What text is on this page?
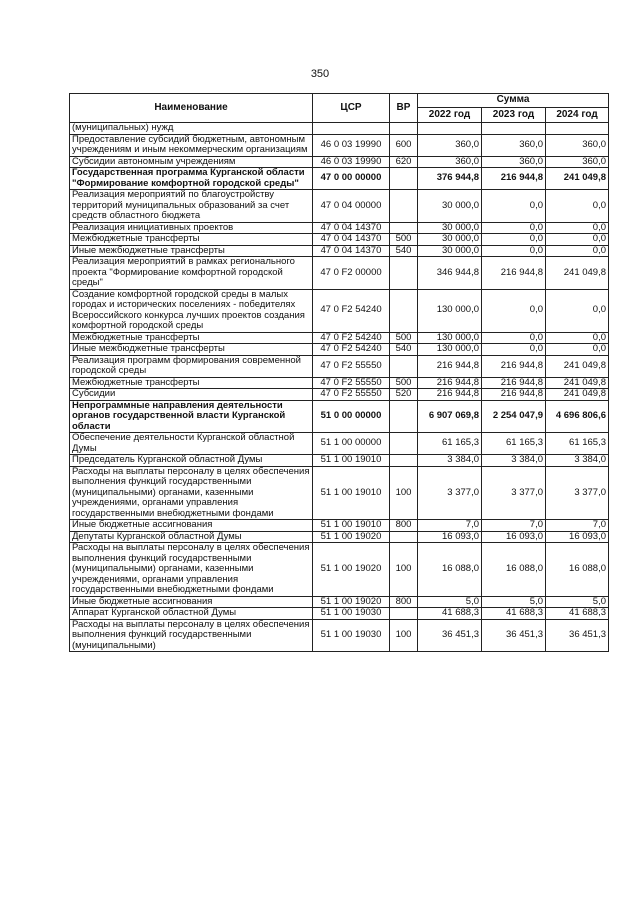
350
Наименование	ЦСР	ВР	Сумма		
			2022 год	2023 год	2024 год
(муниципальных) нужд					
Предоставление субсидий бюджетным, автономным учреждениям и иным некоммерческим организациям	46 0 03 19990	600	360,0	360,0	360,0
Субсидии автономным учреждениям	46 0 03 19990	620	360,0	360,0	360,0
Государственная программа Курганской области "Формирование комфортной городской среды"	47 0 00 00000		376 944,8	216 944,8	241 049,8
Реализация мероприятий по благоустройству территорий муниципальных образований за счет средств областного бюджета	47 0 04 00000		30 000,0	0,0	0,0
Реализация инициативных проектов	47 0 04 14370		30 000,0	0,0	0,0
Межбюджетные трансферты	47 0 04 14370	500	30 000,0	0,0	0,0
Иные межбюджетные трансферты	47 0 04 14370	540	30 000,0	0,0	0,0
Реализация мероприятий в рамках регионального проекта "Формирование комфортной городской среды"	47 0 F2 00000		346 944,8	216 944,8	241 049,8
Создание комфортной городской среды в малых городах и исторических поселениях - победителях Всероссийского конкурса лучших проектов создания комфортной городской среды	47 0 F2 54240		130 000,0	0,0	0,0
Межбюджетные трансферты	47 0 F2 54240	500	130 000,0	0,0	0,0
Иные межбюджетные трансферты	47 0 F2 54240	540	130 000,0	0,0	0,0
Реализация программ формирования современной городской среды	47 0 F2 55550		216 944,8	216 944,8	241 049,8
Межбюджетные трансферты	47 0 F2 55550	500	216 944,8	216 944,8	241 049,8
Субсидии	47 0 F2 55550	520	216 944,8	216 944,8	241 049,8
Непрограммные направления деятельности органов государственной власти Курганской области	51 0 00 00000		6 907 069,8	2 254 047,9	4 696 806,6
Обеспечение деятельности Курганской областной Думы	51 1 00 00000		61 165,3	61 165,3	61 165,3
Председатель Курганской областной Думы	51 1 00 19010		3 384,0	3 384,0	3 384,0
Расходы на выплаты персоналу в целях обеспечения выполнения функций государственными (муниципальными) органами, казенными учреждениями, органами управления государственными внебюджетными фондами	51 1 00 19010	100	3 377,0	3 377,0	3 377,0
Иные бюджетные ассигнования	51 1 00 19010	800	7,0	7,0	7,0
Депутаты Курганской областной Думы	51 1 00 19020		16 093,0	16 093,0	16 093,0
Расходы на выплаты персоналу в целях обеспечения выполнения функций государственными (муниципальными) органами, казенными учреждениями, органами управления государственными внебюджетными фондами	51 1 00 19020	100	16 088,0	16 088,0	16 088,0
Иные бюджетные ассигнования	51 1 00 19020	800	5,0	5,0	5,0
Аппарат Курганской областной Думы	51 1 00 19030		41 688,3	41 688,3	41 688,3
Расходы на выплаты персоналу в целях обеспечения выполнения функций государственными (муниципальными)	51 1 00 19030	100	36 451,3	36 451,3	36 451,3
